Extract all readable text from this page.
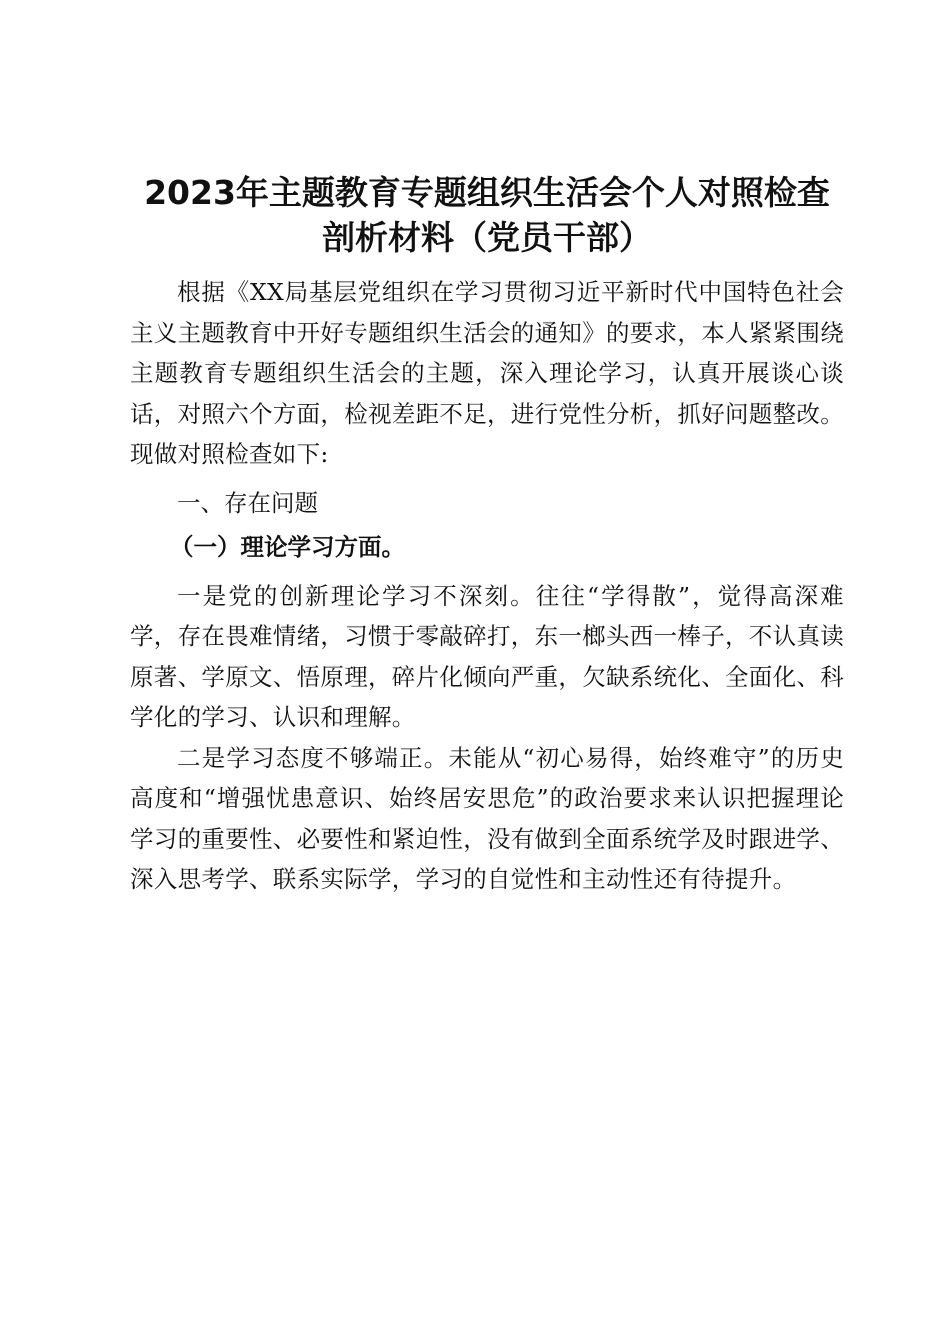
2023年主题教育专题组织生活会个人对照检查
剖析材料（党员干部）

根据《XX局基层党组织在学习贯彻习近平新时代中国特色社会主义主题教育中开好专题组织生活会的通知》的要求，本人紧紧围绕主题教育专题组织生活会的主题，深入理论学习，认真开展谈心谈话，对照六个方面，检视差距不足，进行党性分析，抓好问题整改。现做对照检查如下:

一、存在问题

（一）理论学习方面。

一是党的创新理论学习不深刻。往往“学得散”，觉得高深难学，存在畏难情绪，习惯于零敲碎打，东一榔头西一棒子，不认真读原著、学原文、悟原理，碎片化倾向严重，欠缺系统化、全面化、科学化的学习、认识和理解。

二是学习态度不够端正。未能从“初心易得，始终难守”的历史高度和“增强忧患意识、始终居安思危”的政治要求来认识把握理论学习的重要性、必要性和紧迫性，没有做到全面系统学及时跟进学、深入思考学、联系实际学，学习的自觉性和主动性还有待提升。
